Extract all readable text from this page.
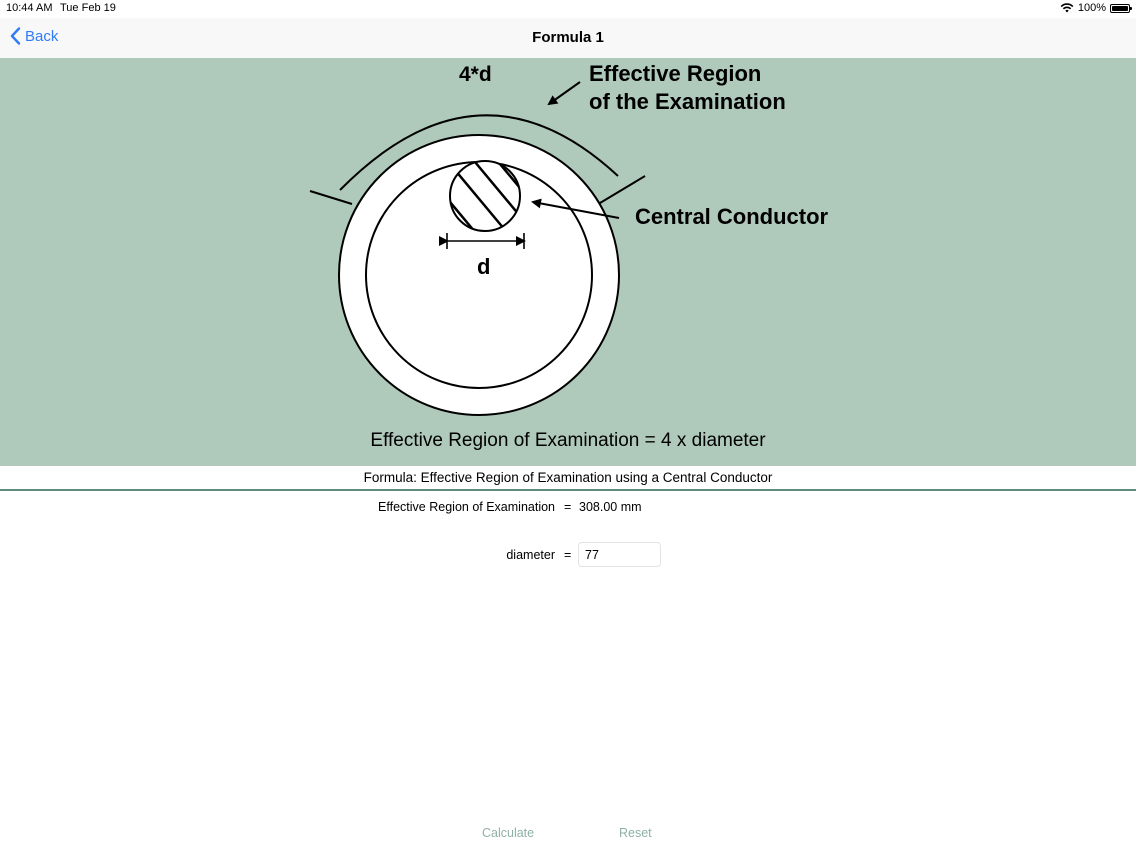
10:44 AM Tue Feb 19	100%
Back	Formula 1
4*d	Effective Region
of the Examination
Central Conductor
d
Effective Region of Examination = 4 x diameter
Formula: Effective Region of Examination using a Central Conductor
Effective Region of Examination = 308.00 mm
diameter =
77
Calculate	Reset
